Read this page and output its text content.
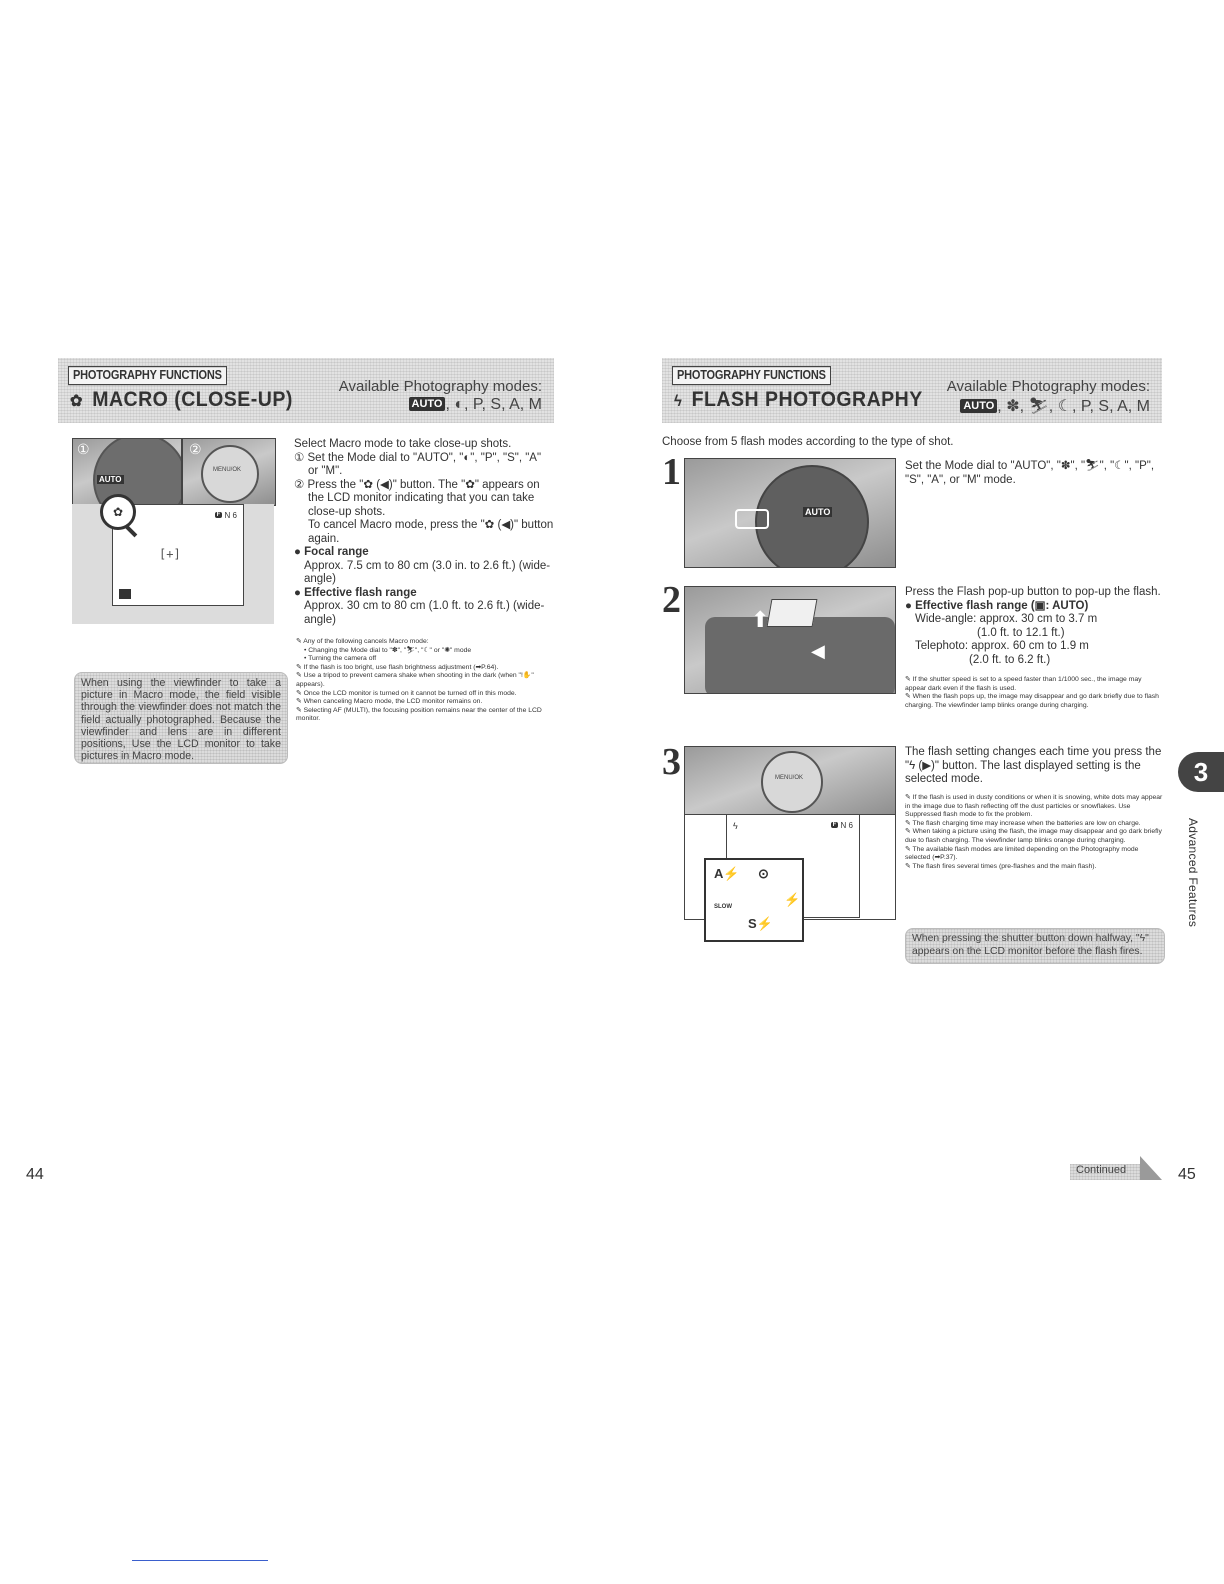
PHOTOGRAPHY FUNCTIONS
✿ MACRO (CLOSE-UP)
Available Photography modes:
AUTO , ◐, P, S, A, M
AUTO
①
MENU/OK
②
F N 6
[+]
✿
Select Macro mode to take close-up shots.
① Set the Mode dial to "AUTO", "◐", "P", "S", "A" or "M".
② Press the "✿ (◀)" button. The "✿" appears on the LCD monitor indicating that you can take close-up shots.
To cancel Macro mode, press the "✿ (◀)" button again.
● Focal range
Approx. 7.5 cm to 80 cm (3.0 in. to 2.6 ft.) (wide-angle)
● Effective flash range
Approx. 30 cm to 80 cm (1.0 ft. to 2.6 ft.) (wide-angle)
✎ Any of the following cancels Macro mode:
• Changing the Mode dial to "✽", "⛷", "☾" or "✺" mode
• Turning the camera off
✎ If the flash is too bright, use flash brightness adjustment (➡P.64).
✎ Use a tripod to prevent camera shake when shooting in the dark (when "!✋" appears).
✎ Once the LCD monitor is turned on it cannot be turned off in this mode.
✎ When canceling Macro mode, the LCD monitor remains on.
✎ Selecting AF (MULTI), the focusing position remains near the center of the LCD monitor.
When using the viewfinder to take a picture in Macro mode, the field visible through the viewfinder does not match the field actually photographed. Because the viewfinder and lens are in different positions, Use the LCD monitor to take pictures in Macro mode.
44
PHOTOGRAPHY FUNCTIONS
ϟ FLASH PHOTOGRAPHY
Available Photography modes:
AUTO , ✽, ⛷, ☾, P, S, A, M
Choose from 5 flash modes according to the type of shot.
1
AUTO
Set the Mode dial to "AUTO", "✽", "⛷", "☾", "P", "S", "A", or "M" mode.
2	⬆
◀
Press the Flash pop-up button to pop-up the flash.
● Effective flash range (▣: AUTO)
Wide-angle: approx. 30 cm to 3.7 m
(1.0 ft. to 12.1 ft.)
Telephoto: approx. 60 cm to 1.9 m
(2.0 ft. to 6.2 ft.)
✎ If the shutter speed is set to a speed faster than 1/1000 sec., the image may appear dark even if the flash is used.
✎ When the flash pops up, the image may disappear and go dark briefly due to flash charging. The viewfinder lamp blinks orange during charging.
3	MENU/OK
ϟ	F N 6
A⚡ ⊙
⚡
SLOW
S⚡
The flash setting changes each time you press the "ϟ (▶)" button. The last displayed setting is the selected mode.
✎ If the flash is used in dusty conditions or when it is snowing, white dots may appear in the image due to flash reflecting off the dust particles or snowflakes. Use Suppressed flash mode to fix the problem.
✎ The flash charging time may increase when the batteries are low on charge.
✎ When taking a picture using the flash, the image may disappear and go dark briefly due to flash charging. The viewfinder lamp blinks orange during charging.
✎ The available flash modes are limited depending on the Photography mode selected (➡P.37).
✎ The flash fires several times (pre-flashes and the main flash).
When pressing the shutter button down halfway, "ϟ" appears on the LCD monitor before the flash fires.
3
Advanced Features
Continued	45
